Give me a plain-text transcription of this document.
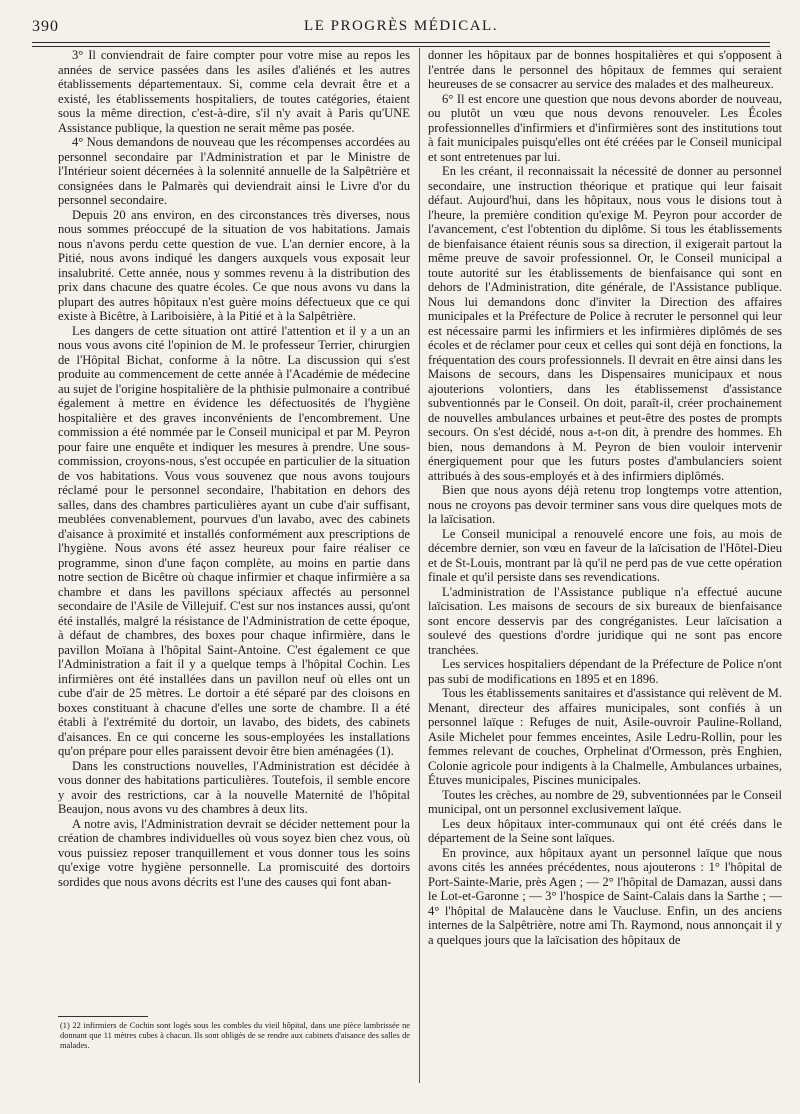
390	LE PROGRÈS MÉDICAL.

3° Il conviendrait de faire compter pour votre mise au repos les années de service passées dans les asiles d'aliénés et les autres établissements départementaux. Si, comme cela devrait être et a existé, les établissements hospitaliers, de toutes catégories, étaient sous la même direction, c'est-à-dire, s'il n'y avait à Paris qu'UNE Assistance publique, la question ne serait même pas posée.

4° Nous demandons de nouveau que les récompenses accordées au personnel secondaire par l'Administration et par le Ministre de l'Intérieur soient décernées à la solennité annuelle de la Salpêtrière et consignées dans le Palmarès qui deviendrait ainsi le Livre d'or du personnel secondaire.

Depuis 20 ans environ, en des circonstances très diverses, nous nous sommes préoccupé de la situation de vos habitations. Jamais nous n'avons perdu cette question de vue. L'an dernier encore, à la Pitié, nous avons indiqué les dangers auxquels vous exposait leur insalubrité. Cette année, nous y sommes revenu à la distribution des prix dans chacune des quatre écoles. Ce que nous avons vu dans la plupart des autres hôpitaux n'est guère moins défectueux que ce qui existe à Bicêtre, à Lariboisière, à la Pitié et à la Salpêtrière.

Les dangers de cette situation ont attiré l'attention et il y a un an nous vous avons cité l'opinion de M. le professeur Terrier, chirurgien de l'Hôpital Bichat, conforme à la nôtre. La discussion qui s'est produite au commencement de cette année à l'Académie de médecine au sujet de l'origine hospitalière de la phthisie pulmonaire a contribué également à mettre en évidence les défectuosités de l'hygiène hospitalière et des graves inconvénients de l'encombrement. Une commission a été nommée par le Conseil municipal et par M. Peyron pour faire une enquête et indiquer les mesures à prendre. Une sous-commission, croyons-nous, s'est occupée en particulier de la situation de vos habitations. Vous vous souvenez que nous avons toujours réclamé pour le personnel secondaire, l'habitation en dehors des salles, dans des chambres particulières ayant un cube d'air suffisant, meublées convenablement, pourvues d'un lavabo, avec des cabinets d'aisance à proximité et installés conformément aux prescriptions de l'hygiène. Nous avons été assez heureux pour faire réaliser ce programme, sinon d'une façon complète, au moins en partie dans notre section de Bicêtre où chaque infirmier et chaque infirmière a sa chambre et dans les pavillons spéciaux affectés au personnel secondaire de l'Asile de Villejuif. C'est sur nos instances aussi, qu'ont été installés, malgré la résistance de l'Administration de cette époque, à défaut de chambres, des boxes pour chaque infirmière, dans le pavillon Moïana à l'hôpital Saint-Antoine. C'est également ce que l'Administration a fait il y a quelque temps à l'hôpital Cochin. Les infirmières ont été installées dans un pavillon neuf où elles ont un cube d'air de 25 mètres. Le dortoir a été séparé par des cloisons en boxes constituant à chacune d'elles une sorte de chambre. Il a été établi à l'extrémité du dortoir, un lavabo, des bidets, des cabinets d'aisances. En ce qui concerne les sous-employées les installations qu'on prépare pour elles paraissent devoir être bien aménagées (1).

Dans les constructions nouvelles, l'Administration est décidée à vous donner des habitations particulières. Toutefois, il semble encore y avoir des restrictions, car à la nouvelle Maternité de l'hôpital Beaujon, nous avons vu des chambres à deux lits.

A notre avis, l'Administration devrait se décider nettement pour la création de chambres individuelles où vous soyez bien chez vous, où vous puissiez reposer tranquillement et vous donner tous les soins qu'exige votre hygiène personnelle. La promiscuité des dortoirs sordides que nous avons décrits est l'une des causes qui font aban-

donner les hôpitaux par de bonnes hospitalières et qui s'opposent à l'entrée dans le personnel des hôpitaux de femmes qui seraient heureuses de se consacrer au service des malades et des malheureux.

6° Il est encore une question que nous devons aborder de nouveau, ou plutôt un vœu que nous devons renouveler. Les Écoles professionnelles d'infirmiers et d'infirmières sont des institutions tout à fait municipales puisqu'elles ont été créées par le Conseil municipal et sont entretenues par lui.

En les créant, il reconnaissait la nécessité de donner au personnel secondaire, une instruction théorique et pratique qui leur faisait défaut. Aujourd'hui, dans les hôpitaux, nous vous le disions tout à l'heure, la première condition qu'exige M. Peyron pour accorder de l'avancement, c'est l'obtention du diplôme. Si tous les établissements de bienfaisance étaient réunis sous sa direction, il exigerait partout la même preuve de savoir professionnel. Or, le Conseil municipal a toute autorité sur les établissements de bienfaisance qui sont en dehors de l'Administration, dite générale, de l'Assistance publique. Nous lui demandons donc d'inviter la Direction des affaires municipales et la Préfecture de Police à recruter le personnel qui leur est nécessaire parmi les infirmiers et les infirmières diplômés de ses écoles et de réclamer pour ceux et celles qui sont déjà en fonctions, la fréquentation des cours professionnels. Il devrait en être ainsi dans les Maisons de secours, dans les Dispensaires municipaux et nous ajouterions volontiers, dans les établissemenst d'assistance subventionnés par le Conseil. On doit, paraît-il, créer prochainement de nouvelles ambulances urbaines et peut-être des postes de prompts secours. On s'est décidé, nous a-t-on dit, à prendre des hommes. Eh bien, nous demandons à M. Peyron de bien vouloir intervenir énergiquement pour que les futurs postes d'ambulanciers soient attribués à des sous-employés et à des infirmiers diplômés.

Bien que nous ayons déjà retenu trop longtemps votre attention, nous ne croyons pas devoir terminer sans vous dire quelques mots de la laïcisation.

Le Conseil municipal a renouvelé encore une fois, au mois de décembre dernier, son vœu en faveur de la laïcisation de l'Hôtel-Dieu et de St-Louis, montrant par là qu'il ne perd pas de vue cette opération finale et qu'il persiste dans ses revendications.

L'administration de l'Assistance publique n'a effectué aucune laïcisation. Les maisons de secours de six bureaux de bienfaisance sont encore desservis par des congréganistes. Leur laïcisation a soulevé des questions d'ordre juridique qui ne sont pas encore tranchées.

Les services hospitaliers dépendant de la Préfecture de Police n'ont pas subi de modifications en 1895 et en 1896.

Tous les établissements sanitaires et d'assistance qui relèvent de M. Menant, directeur des affaires municipales, sont confiés à un personnel laïque : Refuges de nuit, Asile-ouvroir Pauline-Rolland, Asile Michelet pour femmes enceintes, Asile Ledru-Rollin, pour les femmes relevant de couches, Orphelinat d'Ormesson, près Enghien, Colonie agricole pour indigents à la Chalmelle, Ambulances urbaines, Étuves municipales, Piscines municipales.

Toutes les crèches, au nombre de 29, subventionnées par le Conseil municipal, ont un personnel exclusivement laïque.

Les deux hôpitaux inter-communaux qui ont été créés dans le département de la Seine sont laïques.

En province, aux hôpitaux ayant un personnel laïque que nous avons cités les années précédentes, nous ajouterons : 1° l'hôpital de Port-Sainte-Marie, près Agen ; — 2° l'hôpital de Damazan, aussi dans le Lot-et-Garonne ; — 3° l'hospice de Saint-Calais dans la Sarthe ; — 4° l'hôpital de Malaucène dans le Vaucluse. Enfin, un des anciens internes de la Salpêtrière, notre ami Th. Raymond, nous annonçait il y a quelques jours que la laïcisation des hôpitaux de

(1) 22 infirmiers de Cochin sont logés sous les combles du vieil hôpital, dans une pièce lambrissée ne donnant que 11 mètres cubes à chacun. Ils sont obligés de se rendre aux cabinets d'aisance des salles de malades.
